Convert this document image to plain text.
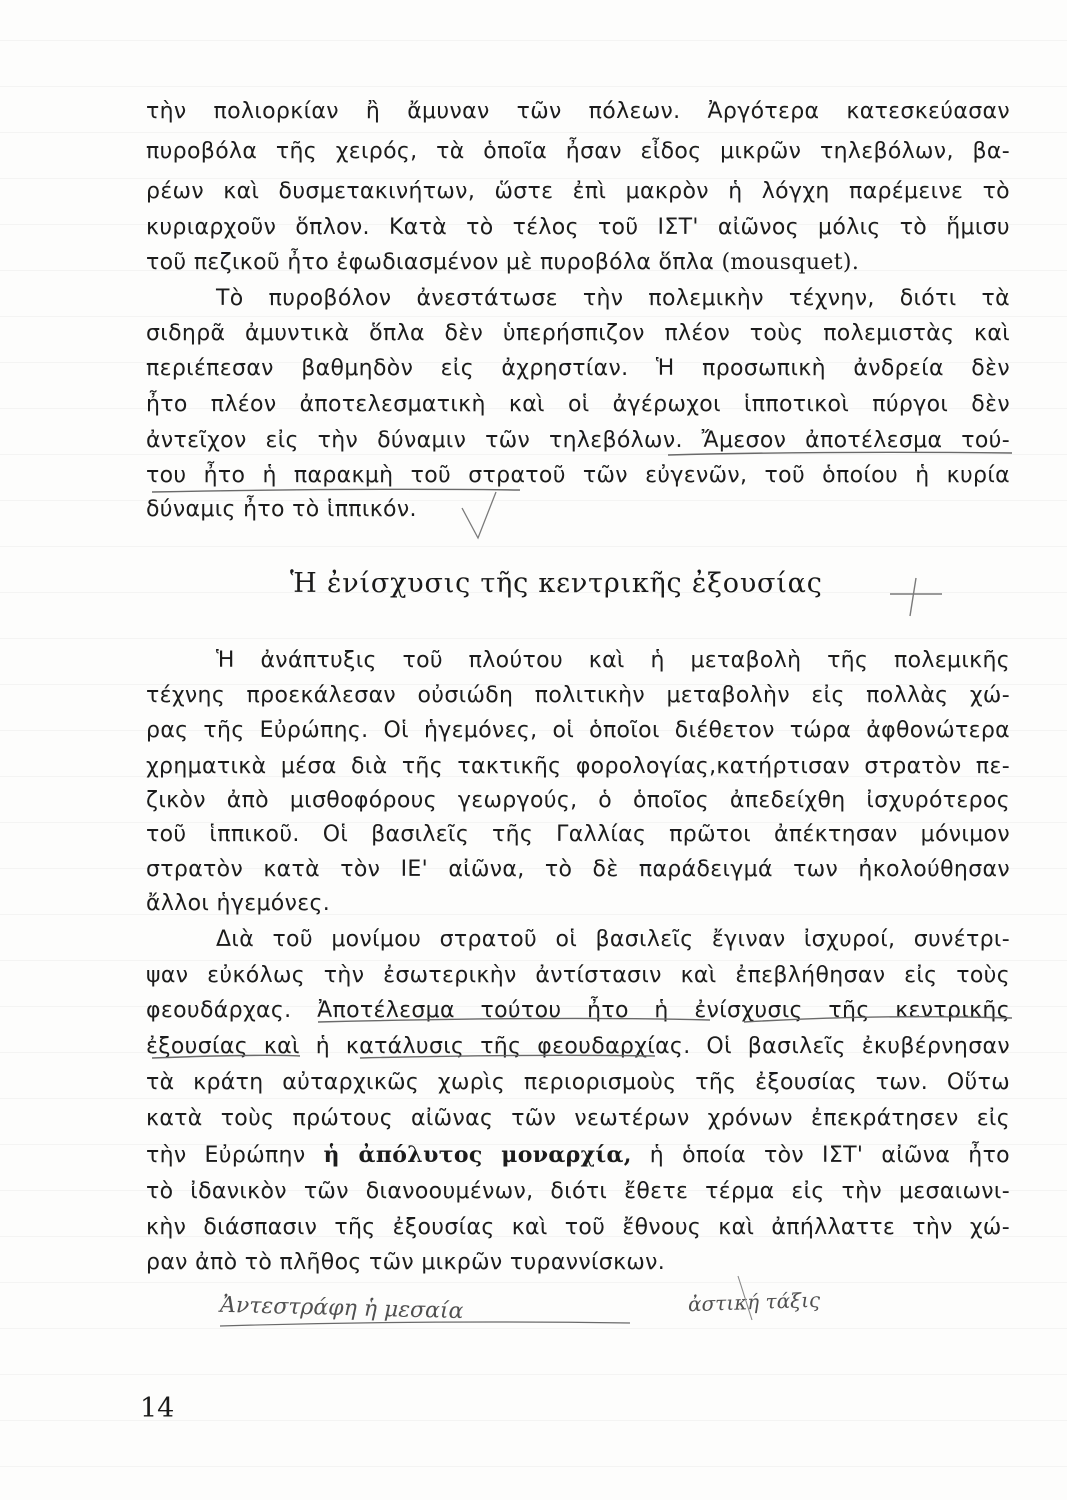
τὴν πολιορκίαν ἢ ἄμυναν τῶν πόλεων. Ἀργότερα κατεσκεύασαν
πυροβόλα τῆς χειρός, τὰ ὁποῖα ἦσαν εἶδος μικρῶν τηλεβόλων, βα-
ρέων καὶ δυσμετακινήτων, ὥστε ἐπὶ μακρὸν ἡ λόγχη παρέμεινε τὸ
κυριαρχοῦν ὅπλον. Κατὰ τὸ τέλος τοῦ ΙΣΤ' αἰῶνος μόλις τὸ ἥμισυ
τοῦ πεζικοῦ ἦτο ἐφωδιασμένον μὲ πυροβόλα ὅπλα (mousquet).
Τὸ πυροβόλον ἀνεστάτωσε τὴν πολεμικὴν τέχνην, διότι τὰ
σιδηρᾶ ἀμυντικὰ ὅπλα δὲν ὑπερήσπιζον πλέον τοὺς πολεμιστὰς καὶ
περιέπεσαν βαθμηδὸν εἰς ἀχρηστίαν. Ἡ προσωπικὴ ἀνδρεία δὲν
ἦτο πλέον ἀποτελεσματικὴ καὶ οἱ ἀγέρωχοι ἱπποτικοὶ πύργοι δὲν
ἀντεῖχον εἰς τὴν δύναμιν τῶν τηλεβόλων. Ἄμεσον ἀποτέλεσμα τού-
του ἦτο ἡ παρακμὴ τοῦ στρατοῦ τῶν εὐγενῶν, τοῦ ὁποίου ἡ κυρία
δύναμις ἦτο τὸ ἱππικόν.
Ἡ ἐνίσχυσις τῆς κεντρικῆς ἐξουσίας
Ἡ ἀνάπτυξις τοῦ πλούτου καὶ ἡ μεταβολὴ τῆς πολεμικῆς
τέχνης προεκάλεσαν οὐσιώδη πολιτικὴν μεταβολὴν εἰς πολλὰς χώ-
ρας τῆς Εὐρώπης. Οἱ ἡγεμόνες, οἱ ὁποῖοι διέθετον τώρα ἀφθονώτερα
χρηματικὰ μέσα διὰ τῆς τακτικῆς φορολογίας,κατήρτισαν στρατὸν πε-
ζικὸν ἀπὸ μισθοφόρους γεωργούς, ὁ ὁποῖος ἀπεδείχθη ἰσχυρότερος
τοῦ ἱππικοῦ. Οἱ βασιλεῖς τῆς Γαλλίας πρῶτοι ἀπέκτησαν μόνιμον
στρατὸν κατὰ τὸν ΙΕ' αἰῶνα, τὸ δὲ παράδειγμά των ἠκολούθησαν
ἄλλοι ἡγεμόνες.
Διὰ τοῦ μονίμου στρατοῦ οἱ βασιλεῖς ἔγιναν ἰσχυροί, συνέτρι-
ψαν εὐκόλως τὴν ἐσωτερικὴν ἀντίστασιν καὶ ἐπεβλήθησαν εἰς τοὺς
φεουδάρχας. Ἀποτέλεσμα τούτου ἦτο ἡ ἐνίσχυσις τῆς κεντρικῆς
ἐξουσίας καὶ ἡ κατάλυσις τῆς φεουδαρχίας. Οἱ βασιλεῖς ἐκυβέρνησαν
τὰ κράτη αὐταρχικῶς χωρὶς περιορισμοὺς τῆς ἐξουσίας των. Οὕτω
κατὰ τοὺς πρώτους αἰῶνας τῶν νεωτέρων χρόνων ἐπεκράτησεν εἰς
τὴν Εὐρώπην ἡ ἀπόλυτος μοναρχία, ἡ ὁποία τὸν ΙΣΤ' αἰῶνα ἦτο
τὸ ἰδανικὸν τῶν διανοουμένων, διότι ἔθετε τέρμα εἰς τὴν μεσαιωνι-
κὴν διάσπασιν τῆς ἐξουσίας καὶ τοῦ ἔθνους καὶ ἀπήλλαττε τὴν χώ-
ραν ἀπὸ τὸ πλῆθος τῶν μικρῶν τυραννίσκων.
Ἀντεστράφη ἡ μεσαία	ἀστική τάξις
14
